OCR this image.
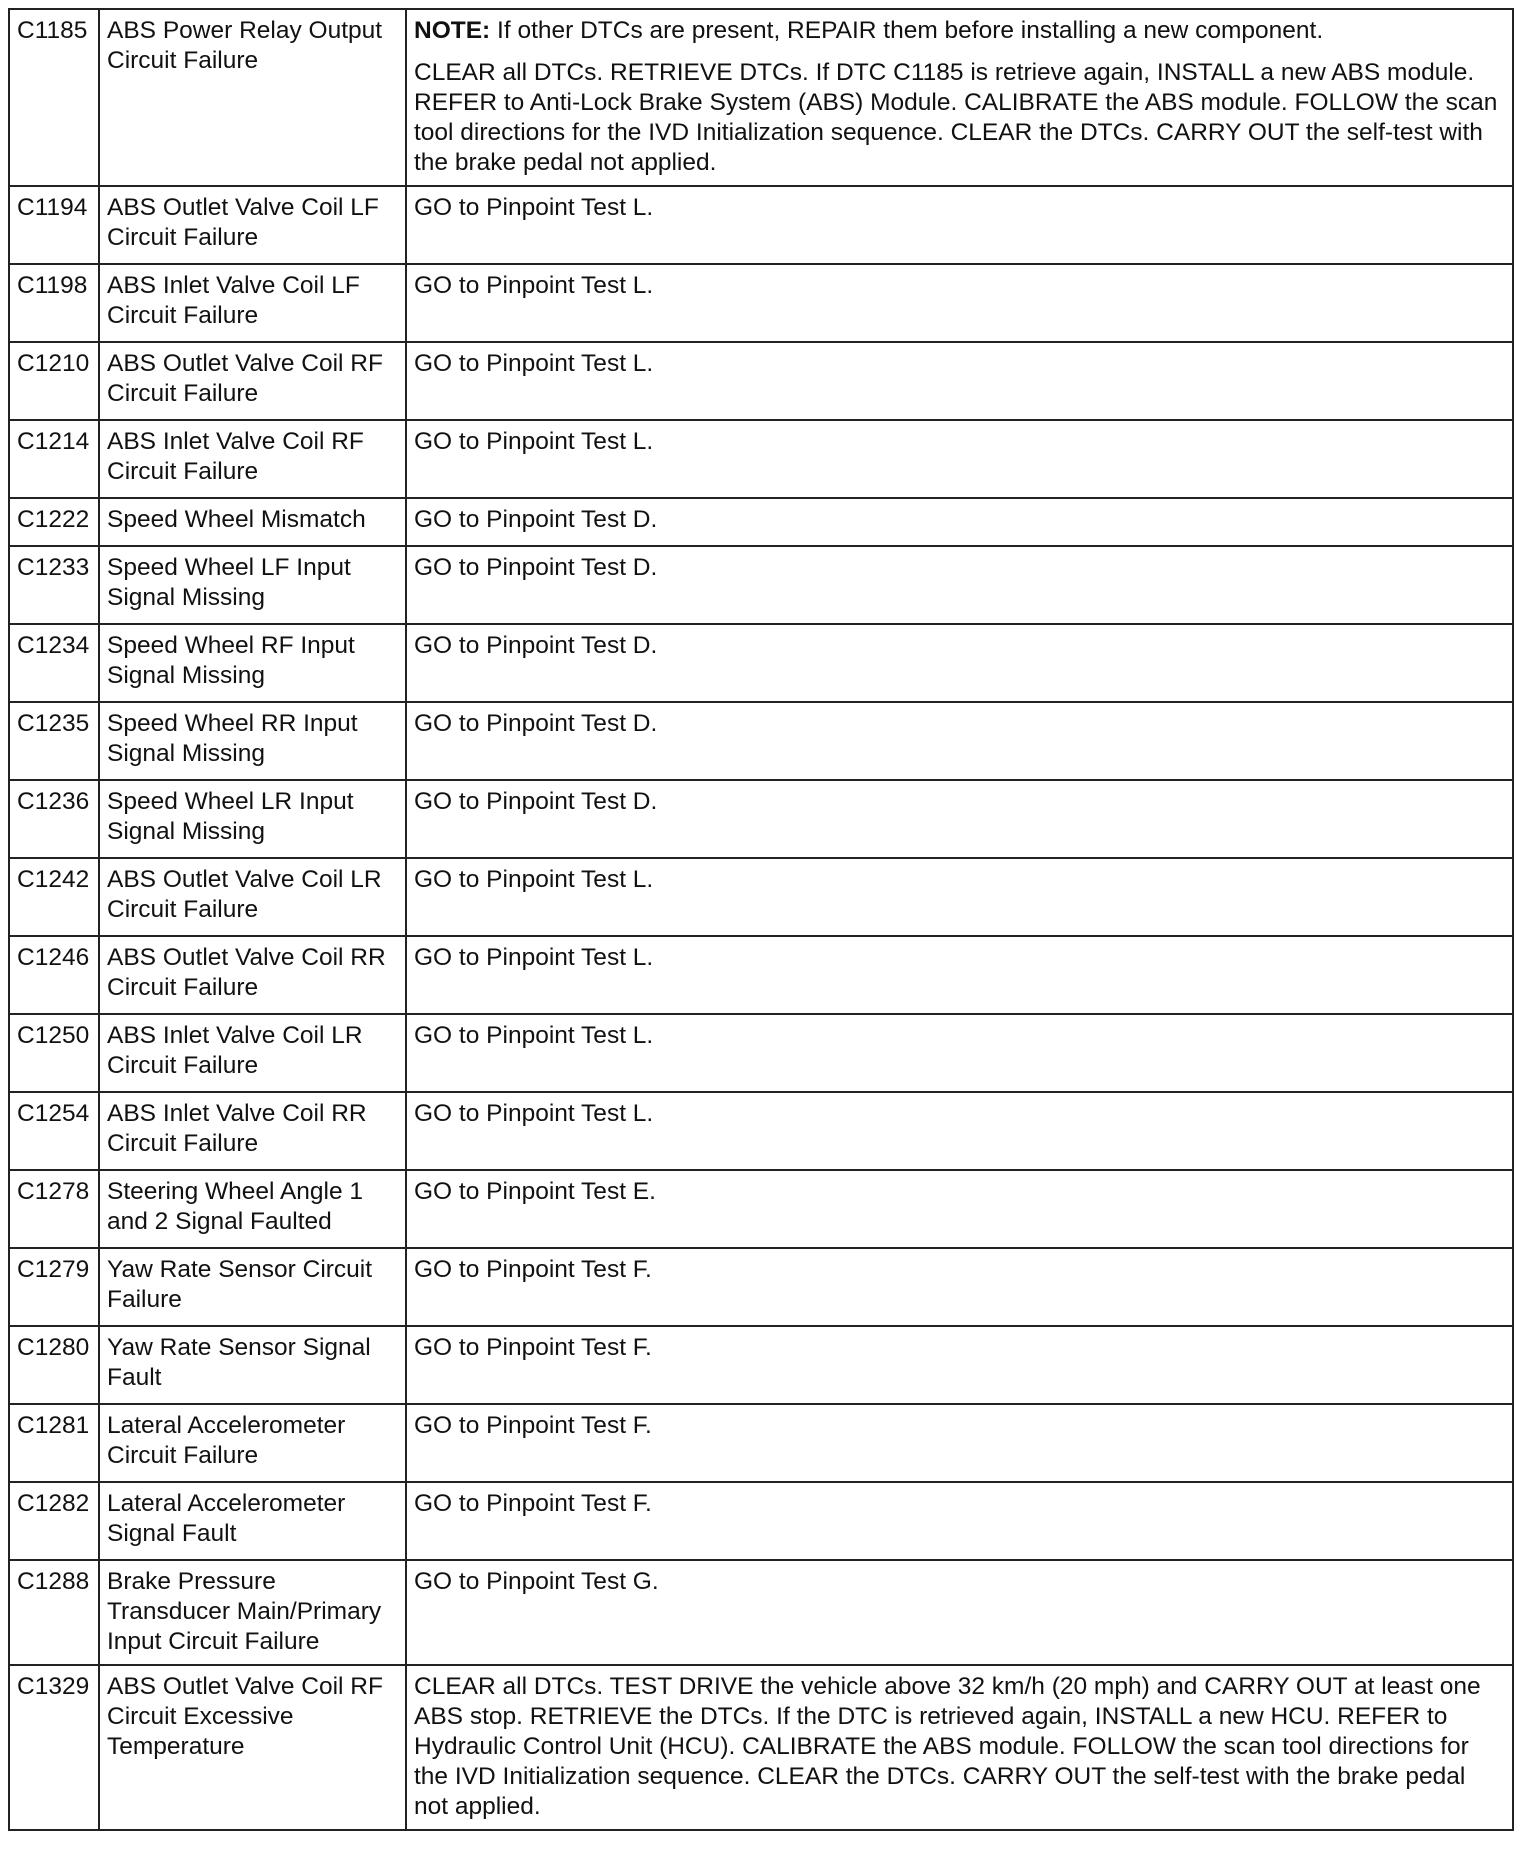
C1185	ABS Power Relay Output Circuit Failure	NOTE: If other DTCs are present, REPAIR them before installing a new component.
CLEAR all DTCs. RETRIEVE DTCs. If DTC C1185 is retrieve again, INSTALL a new ABS module. REFER to Anti-Lock Brake System (ABS) Module. CALIBRATE the ABS module. FOLLOW the scan tool directions for the IVD Initialization sequence. CLEAR the DTCs. CARRY OUT the self-test with the brake pedal not applied.

C1194	ABS Outlet Valve Coil LF Circuit Failure	GO to Pinpoint Test L.
C1198	ABS Inlet Valve Coil LF Circuit Failure	GO to Pinpoint Test L.
C1210	ABS Outlet Valve Coil RF Circuit Failure	GO to Pinpoint Test L.
C1214	ABS Inlet Valve Coil RF Circuit Failure	GO to Pinpoint Test L.
C1222	Speed Wheel Mismatch	GO to Pinpoint Test D.
C1233	Speed Wheel LF Input Signal Missing	GO to Pinpoint Test D.
C1234	Speed Wheel RF Input Signal Missing	GO to Pinpoint Test D.
C1235	Speed Wheel RR Input Signal Missing	GO to Pinpoint Test D.
C1236	Speed Wheel LR Input Signal Missing	GO to Pinpoint Test D.
C1242	ABS Outlet Valve Coil LR Circuit Failure	GO to Pinpoint Test L.
C1246	ABS Outlet Valve Coil RR Circuit Failure	GO to Pinpoint Test L.
C1250	ABS Inlet Valve Coil LR Circuit Failure	GO to Pinpoint Test L.
C1254	ABS Inlet Valve Coil RR Circuit Failure	GO to Pinpoint Test L.
C1278	Steering Wheel Angle 1 and 2 Signal Faulted	GO to Pinpoint Test E.
C1279	Yaw Rate Sensor Circuit Failure	GO to Pinpoint Test F.
C1280	Yaw Rate Sensor Signal Fault	GO to Pinpoint Test F.
C1281	Lateral Accelerometer Circuit Failure	GO to Pinpoint Test F.
C1282	Lateral Accelerometer Signal Fault	GO to Pinpoint Test F.
C1288	Brake Pressure Transducer Main/Primary Input Circuit Failure	GO to Pinpoint Test G.
C1329	ABS Outlet Valve Coil RF Circuit Excessive Temperature	CLEAR all DTCs. TEST DRIVE the vehicle above 32 km/h (20 mph) and CARRY OUT at least one ABS stop. RETRIEVE the DTCs. If the DTC is retrieved again, INSTALL a new HCU. REFER to Hydraulic Control Unit (HCU). CALIBRATE the ABS module. FOLLOW the scan tool directions for the IVD Initialization sequence. CLEAR the DTCs. CARRY OUT the self-test with the brake pedal not applied.
